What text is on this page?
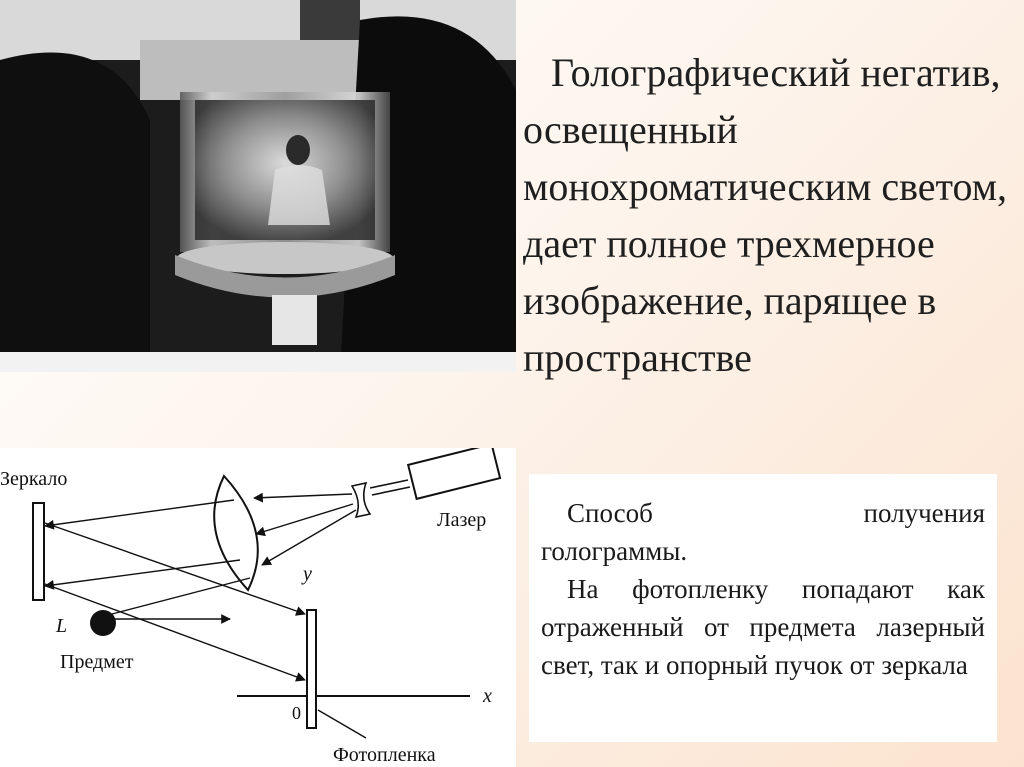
Голографический негатив, освещенный монохроматическим светом, дает полное трехмерное изображение, парящее в пространстве
Зеркало
Лазер
L
Предмет
y
x
0
Фотопленка

Способ получения

голограммы.

На фотопленку попадают как отраженный от предмета лазерный свет, так и опорный пучок от зеркала
